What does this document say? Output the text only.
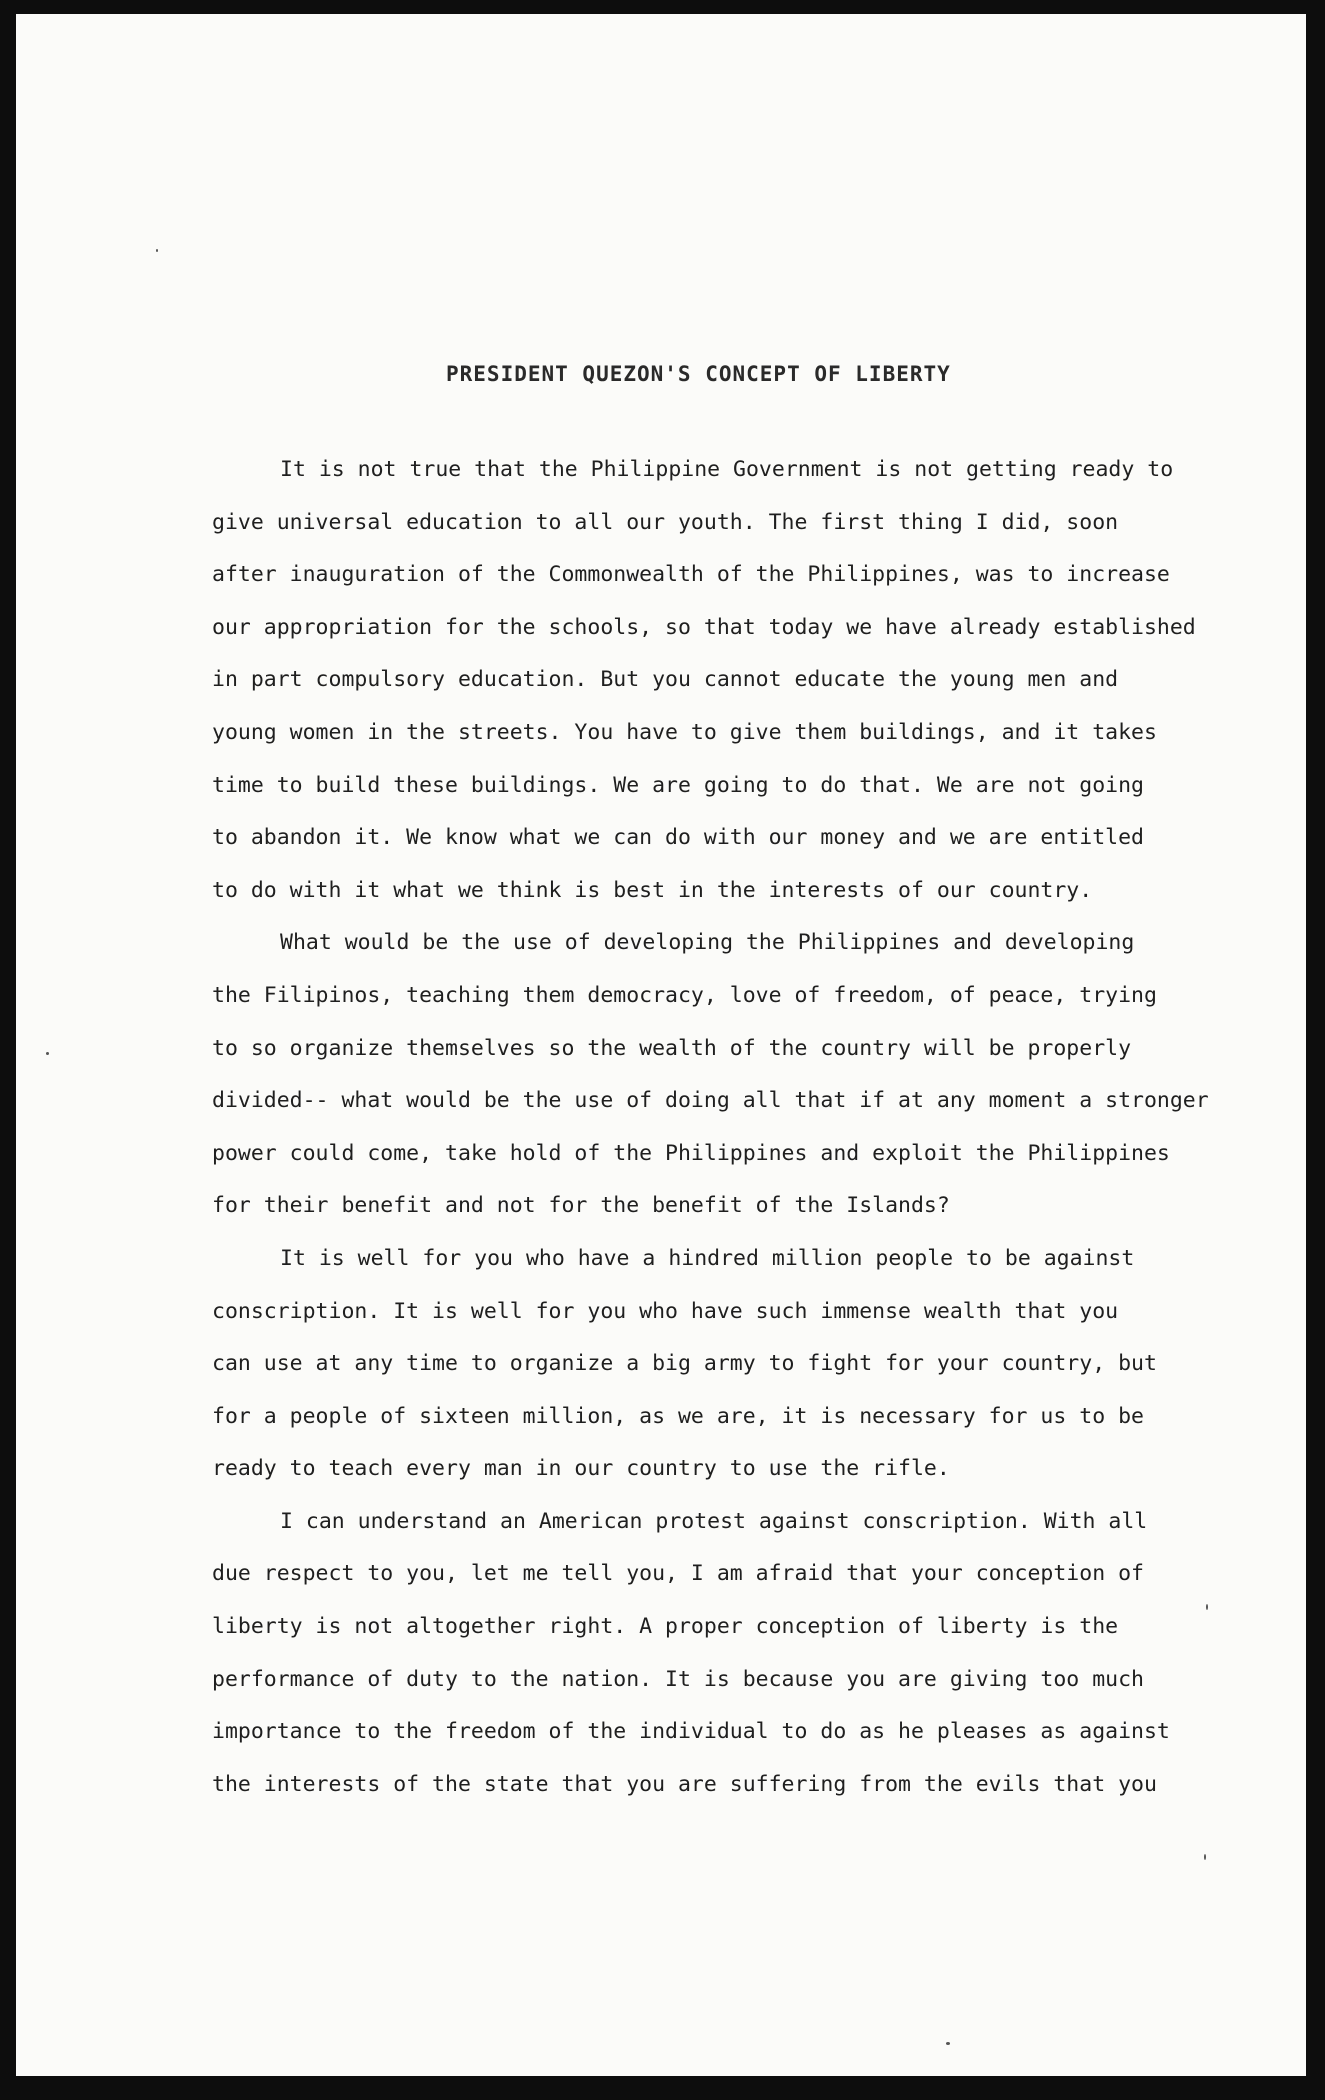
PRESIDENT QUEZON'S CONCEPT OF LIBERTY
It is not true that the Philippine Government is not getting ready to
give universal education to all our youth. The first thing I did, soon
after inauguration of the Commonwealth of the Philippines, was to increase
our appropriation for the schools, so that today we have already established
in part compulsory education. But you cannot educate the young men and
young women in the streets. You have to give them buildings, and it takes
time to build these buildings. We are going to do that. We are not going
to abandon it. We know what we can do with our money and we are entitled
to do with it what we think is best in the interests of our country.
What would be the use of developing the Philippines and developing
the Filipinos, teaching them democracy, love of freedom, of peace, trying
to so organize themselves so the wealth of the country will be properly
divided-- what would be the use of doing all that if at any moment a stronger
power could come, take hold of the Philippines and exploit the Philippines
for their benefit and not for the benefit of the Islands?
It is well for you who have a hindred million people to be against
conscription. It is well for you who have such immense wealth that you
can use at any time to organize a big army to fight for your country, but
for a people of sixteen million, as we are, it is necessary for us to be
ready to teach every man in our country to use the rifle.
I can understand an American protest against conscription. With all
due respect to you, let me tell you, I am afraid that your conception of
liberty is not altogether right. A proper conception of liberty is the
performance of duty to the nation. It is because you are giving too much
importance to the freedom of the individual to do as he pleases as against
the interests of the state that you are suffering from the evils that you
